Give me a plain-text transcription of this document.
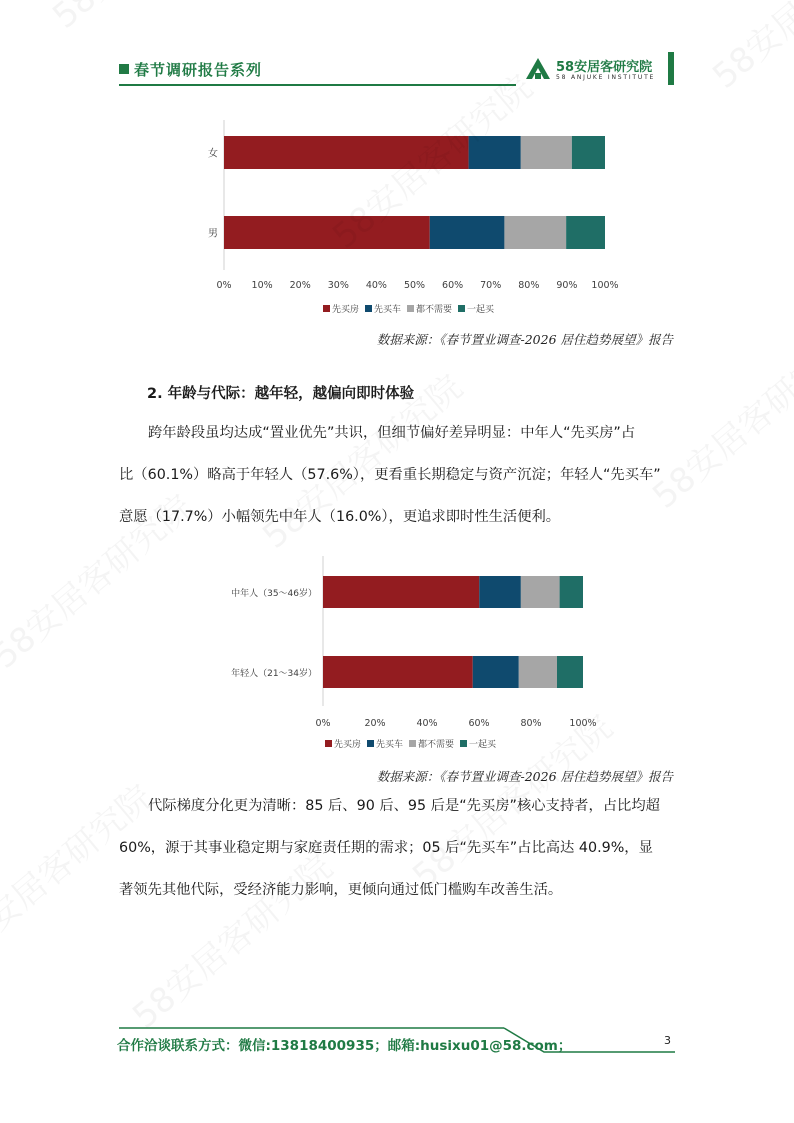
春节调研报告系列	58安居客研究院
58 ANJUKE INSTITUTE
女
男
0% 10% 20% 30% 40% 50% 60% 70% 80% 90% 100%
先买房 先买车 都不需要 一起买
数据来源：《春节置业调查-2026 居住趋势展望》报告
2. 年龄与代际：越年轻，越偏向即时体验
跨年龄段虽均达成“置业优先”共识，但细节偏好差异明显：中年人“先买房”占
比（60.1%）略高于年轻人（57.6%），更看重长期稳定与资产沉淀；年轻人“先买车”
意愿（17.7%）小幅领先中年人（16.0%），更追求即时性生活便利。
中年人（35～46岁）
年轻人（21～34岁）
0%	20%	40%	60%	80%	100%
先买房 先买车 都不需要 一起买
数据来源：《春节置业调查-2026 居住趋势展望》报告
代际梯度分化更为清晰：85 后、90 后、95 后是“先买房”核心支持者，占比均超
60%，源于其事业稳定期与家庭责任期的需求；05 后“先买车”占比高达 40.9%，显
著领先其他代际，受经济能力影响，更倾向通过低门槛购车改善生活。
合作洽谈联系方式：微信:13818400935；邮箱:husixu01@58.com；	3
